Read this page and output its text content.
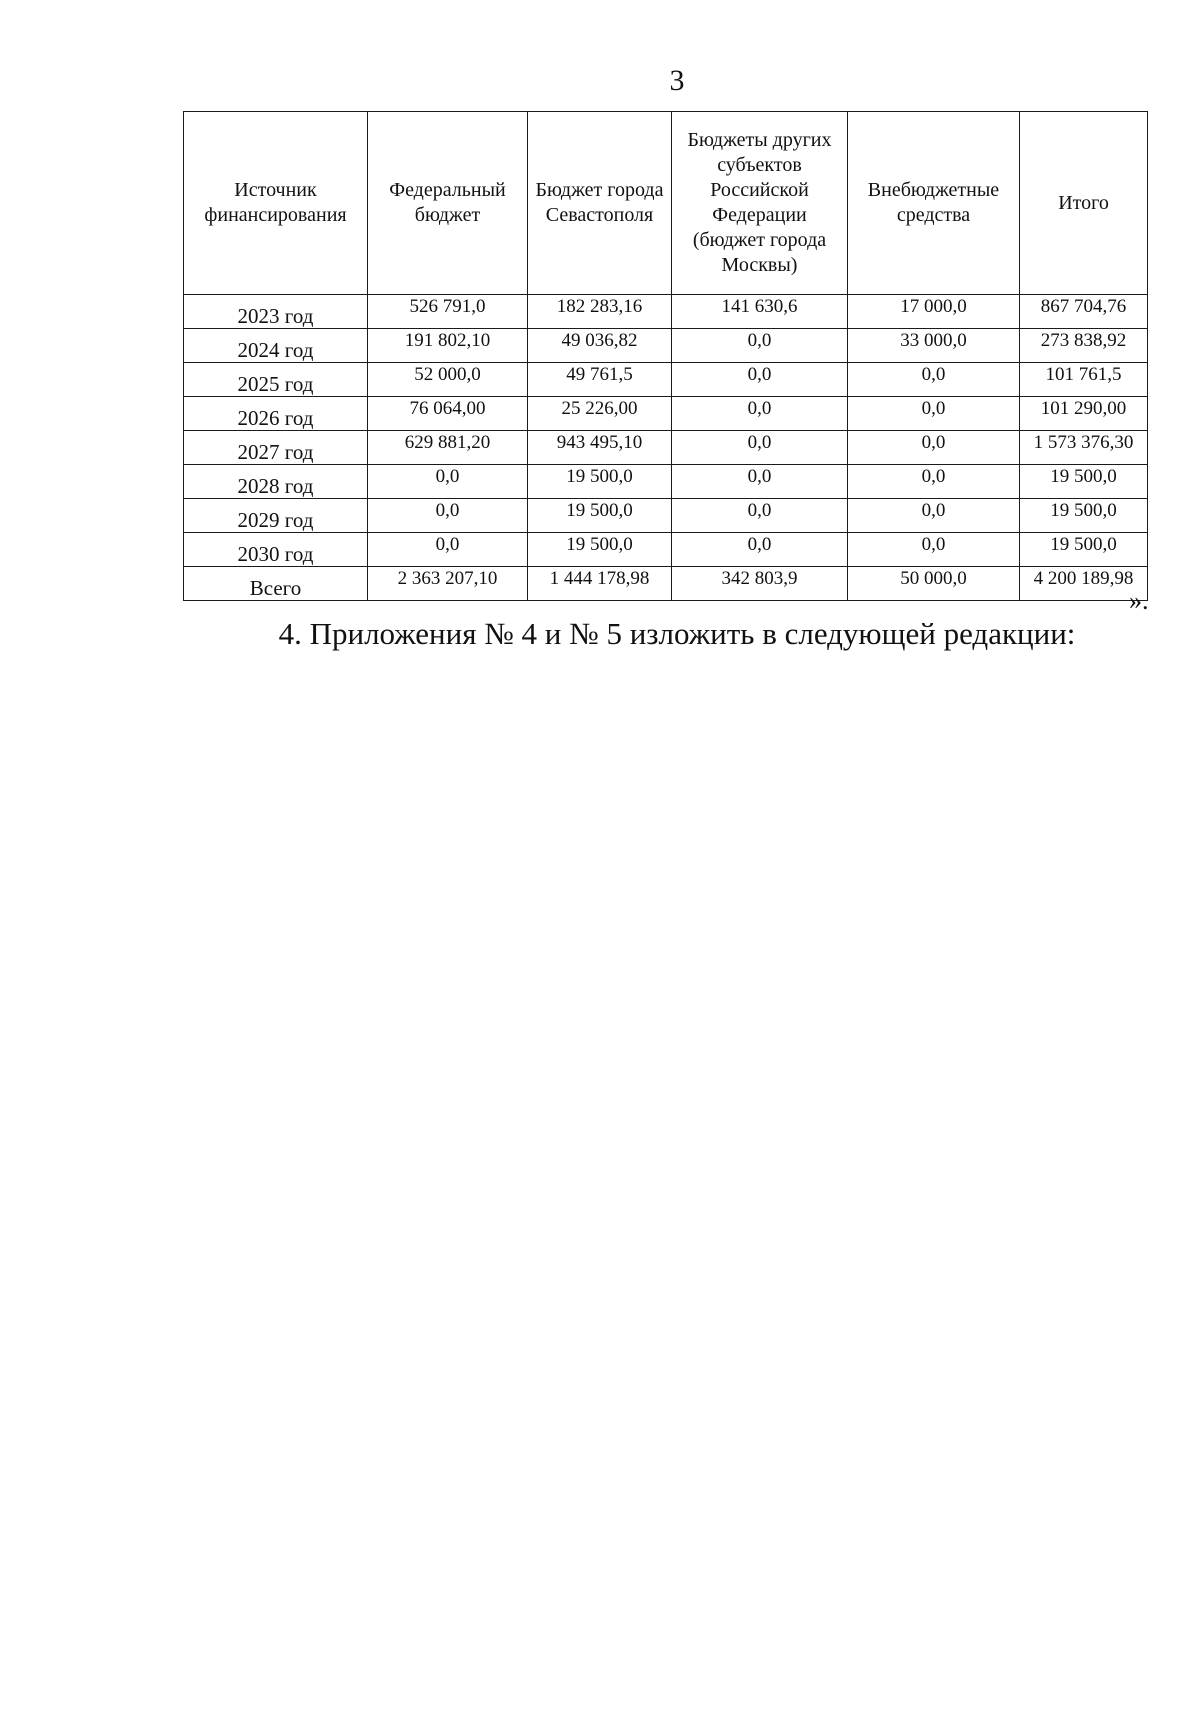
3
Источник финансирования	Федеральный бюджет	Бюджет города Севастополя	Бюджеты других субъектов Российской Федерации (бюджет города Москвы)	Внебюджетные средства	Итого
2023 год	526 791,0	182 283,16	141 630,6	17 000,0	867 704,76
2024 год	191 802,10	49 036,82	0,0	33 000,0	273 838,92
2025 год	52 000,0	49 761,5	0,0	0,0	101 761,5
2026 год	76 064,00	25 226,00	0,0	0,0	101 290,00
2027 год	629 881,20	943 495,10	0,0	0,0	1 573 376,30
2028 год	0,0	19 500,0	0,0	0,0	19 500,0
2029 год	0,0	19 500,0	0,0	0,0	19 500,0
2030 год	0,0	19 500,0	0,0	0,0	19 500,0
Всего	2 363 207,10	1 444 178,98	342 803,9	50 000,0	4 200 189,98
».
4. Приложения № 4 и № 5 изложить в следующей редакции:
